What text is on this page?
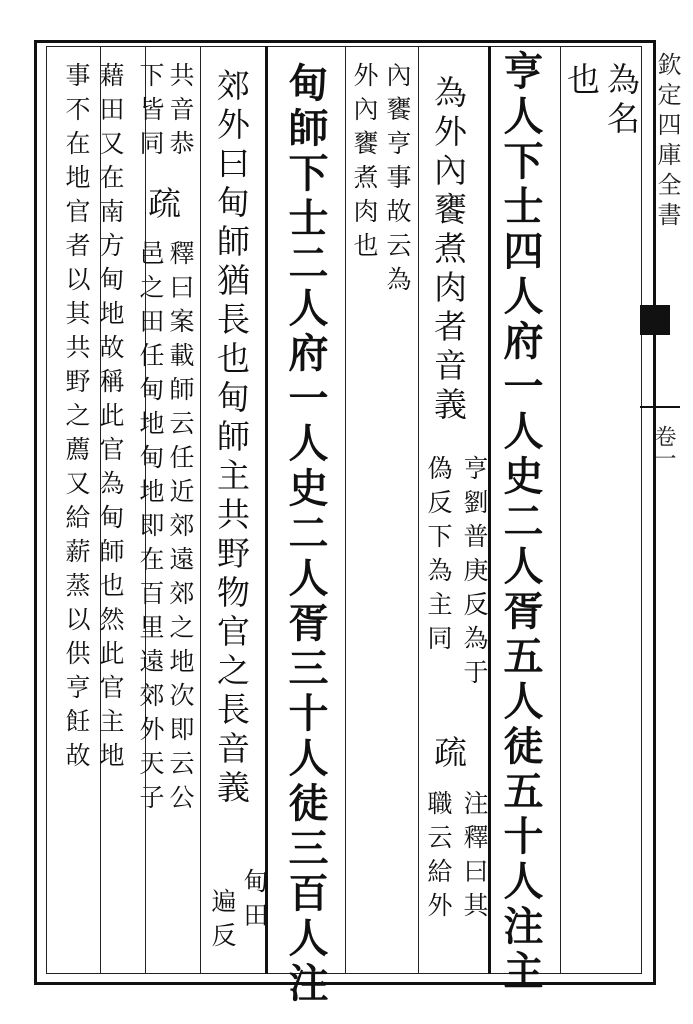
欽定四庫全書
卷一
為名
也
亨人下士四人府一人史二人胥五人徒五十人注主
為外內饔煮肉者音義
亨劉普庚反為于
偽反下為主同
疏
注釋曰其
職云給外
內饔亨事故云為
外內饔煮肉也
甸師下士二人府一人史二人胥三十人徒三百人注
郊外曰甸師猶長也甸師主共野物官之長音義
甸田
遍反
共音恭
下皆同
疏
釋曰案載師云任近郊遠郊之地次即云公
邑之田任甸地甸地即在百里遠郊外天子
藉田又在南方甸地故稱此官為甸師也然此官主地
事不在地官者以其共野之薦又給薪蒸以供亨飪故
